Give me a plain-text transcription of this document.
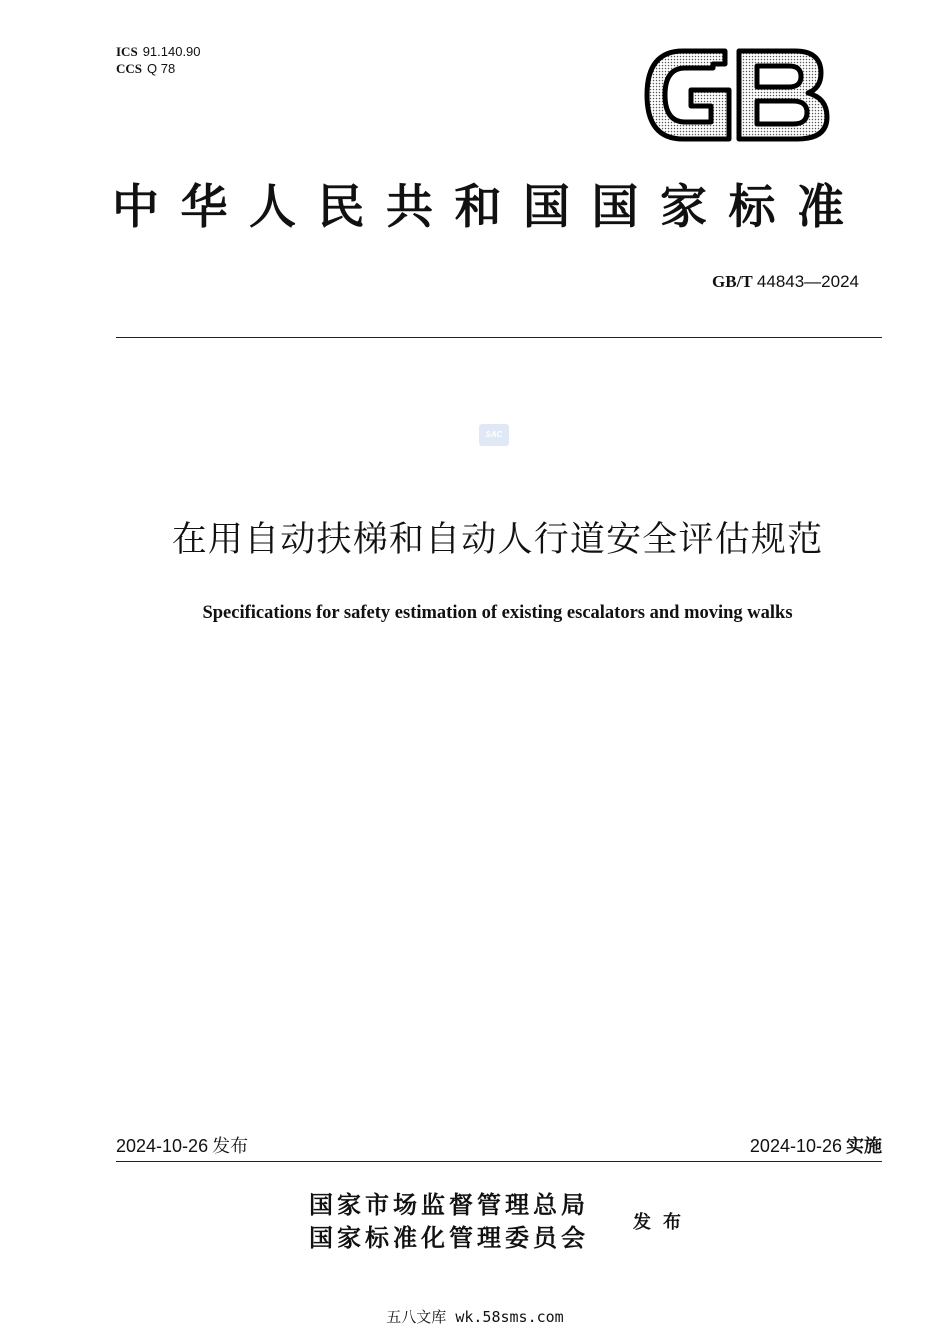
ICS 91.140.90
CCS Q 78
中华人民共和国国家标准
GB/T 44843—2024
SAC
在用自动扶梯和自动人行道安全评估规范
Specifications for safety estimation of existing escalators and moving walks
2024-10-26 发布	2024-10-26 实施
国家市场监督管理总局
国家标准化管理委员会
发布
五八文库 wk.58sms.com
